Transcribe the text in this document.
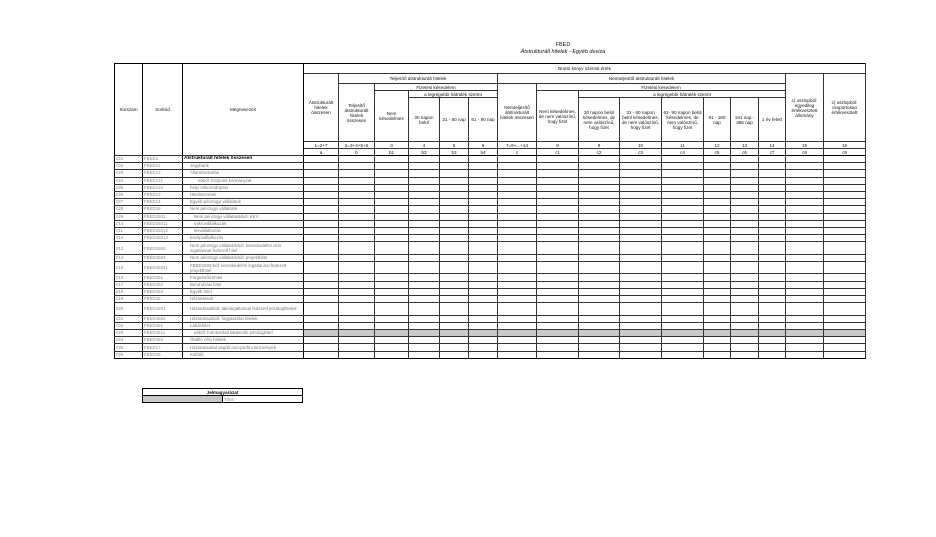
FBED
Átstrukturált hitelek - Egyéb deviza
Sorszám	Sorkód	Megnevezés	Bruttó könyv szerinti érték															
			Átstrukturált hitelek összesen	Teljesítő átstrukturált hitelek					Nemteljesítő átstrukturált hitelek								c) oszlopból: egyedileg értékvesztett állomány	c) oszlopból: csoportosan értékvesztett
				Teljesítő átstrukturált hitelek összesen	Fizetési késedelem				Nemteljesítő átstrukturált hitelek összesen	Fizetési késedelem								
					Nem késedelmes	a legrégebbi hátralék szerint				Nem késedelmes, de nem valószínű, hogy fizet	a legrégebbi hátralék szerint							
						30 napon belül	31 - 60 nap	61 - 90 nap			30 napon belül késedelmes, de nem valószínű, hogy fizet	31 - 60 napon belül késedelmes, de nem valószínű, hogy fizet	61- 90 napon belül késedelmes, de nem valószínű, hogy fizet	91 - 180 nap	181 nap - 365 nap	1 év felett		
			1=2+7	2=3+4+5+6	3	4	5	6	7=9+...+14	8	9	10	11	12	13	14	15	16
			a	b	b1	b2	b3	b4	c	c1	c2	c3	c4	c5	c6	c7	c8	c9
021	FBED1	Átstrukturált hitelek összesen																
022	FBED11	Jegybank																
023	FBED12	Államháztartás																
024	FBED121	ebből: központi kormányzat																
025	FBED122	helyi önkormányzat																
026	FBED13	Hitelintézetek																
027	FBED14	Egyéb pénzügyi vállalatok																
028	FBED15	Nem pénzügyi vállalatok																
029	FBED1501	Nem pénzügyi vállalatokból: KKV																
010	FBED15011	mikrovállalkozás																
011	FBED15012	kisvállalkozás																
012	FBED15013	középvállalkozás																
013	FBED1502	Nem pénzügyi vállalatokból: kereskedelmi célú ingatlannal fedezett hitel																
014	FBED1503	Nem pénzügyi vállalatokból: projekthitel																
015	FBED15031	FBED1503-ból: kereskedelmi ingatlannal fedezett projekthitel																
016	FBED151	Fürgeésőlzöhitel																
017	FBED152	Beruházási hitel																
018	FBED153	Egyéb hitel																
019	FBED16	Háztartások																
020	FBED1601	Háztartásokból: lakóingatlannal fedezett jelzáloghitelek																
021	FBED1602	Háztartásokból: fogyasztási hitelek																
022	FBED161	Lakáshitel																
023	FBED1611	ebből: forintosított lakáscélú jelzáloghitel																
024	FBED162	Önálló célú hitelek																
025	FBED17	Háztartásokat segítő non-profit intézmények																
026	FBED18	Külföld																
Jelmagyarázat
	Tilos
